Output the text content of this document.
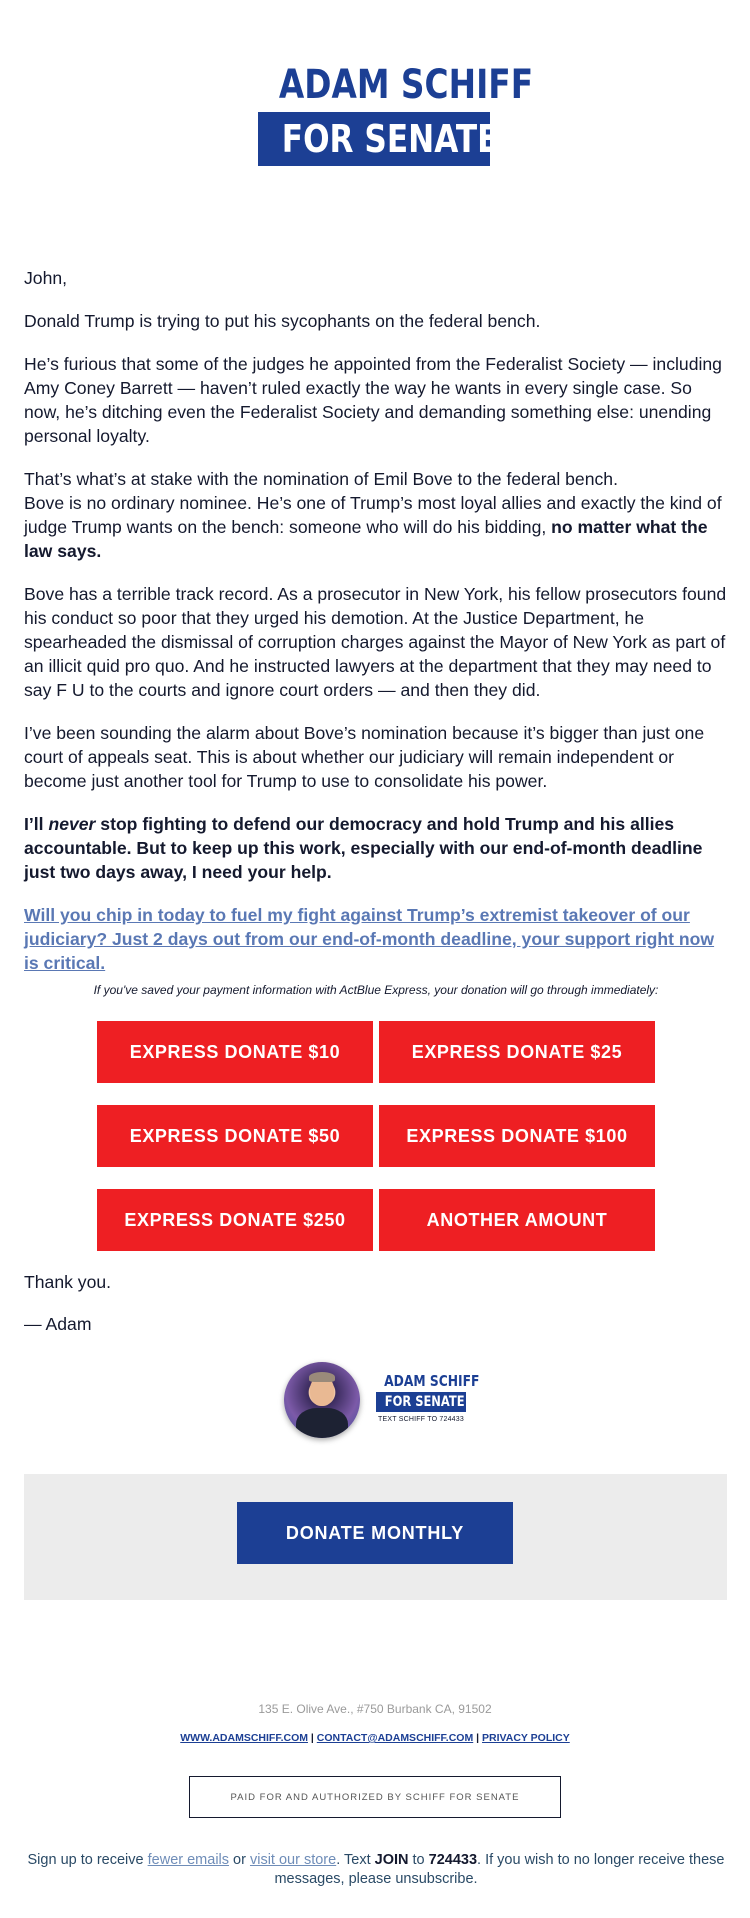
ADAM SCHIFF
FOR SENATE

John,

Donald Trump is trying to put his sycophants on the federal bench.

He’s furious that some of the judges he appointed from the Federalist Society — including Amy Coney Barrett — haven’t ruled exactly the way he wants in every single case. So now, he’s ditching even the Federalist Society and demanding something else: unending personal loyalty.

That’s what’s at stake with the nomination of Emil Bove to the federal bench.

Bove is no ordinary nominee. He’s one of Trump’s most loyal allies and exactly the kind of judge Trump wants on the bench: someone who will do his bidding, no matter what the law says.

Bove has a terrible track record. As a prosecutor in New York, his fellow prosecutors found his conduct so poor that they urged his demotion. At the Justice Department, he spearheaded the dismissal of corruption charges against the Mayor of New York as part of an illicit quid pro quo. And he instructed lawyers at the department that they may need to say F U to the courts and ignore court orders — and then they did.

I’ve been sounding the alarm about Bove’s nomination because it’s bigger than just one court of appeals seat. This is about whether our judiciary will remain independent or become just another tool for Trump to use to consolidate his power.

I’ll never stop fighting to defend our democracy and hold Trump and his allies accountable. But to keep up this work, especially with our end-of-month deadline just two days away, I need your help.

Will you chip in today to fuel my fight against Trump’s extremist takeover of our judiciary? Just 2 days out from our end-of-month deadline, your support right now is critical.

If you've saved your payment information with ActBlue Express, your donation will go through immediately:
EXPRESS DONATE $10	EXPRESS DONATE $25
EXPRESS DONATE $50	EXPRESS DONATE $100
EXPRESS DONATE $250	ANOTHER AMOUNT

Thank you.

— Adam

ADAM SCHIFF
FOR SENATE
TEXT SCHIFF TO 724433
DONATE MONTHLY
135 E. Olive Ave., #750 Burbank CA, 91502
WWW.ADAMSCHIFF.COM | CONTACT@ADAMSCHIFF.COM | PRIVACY POLICY
PAID FOR AND AUTHORIZED BY SCHIFF FOR SENATE
Sign up to receive fewer emails or visit our store. Text JOIN to 724433. If you wish to no longer receive these messages, please unsubscribe.
